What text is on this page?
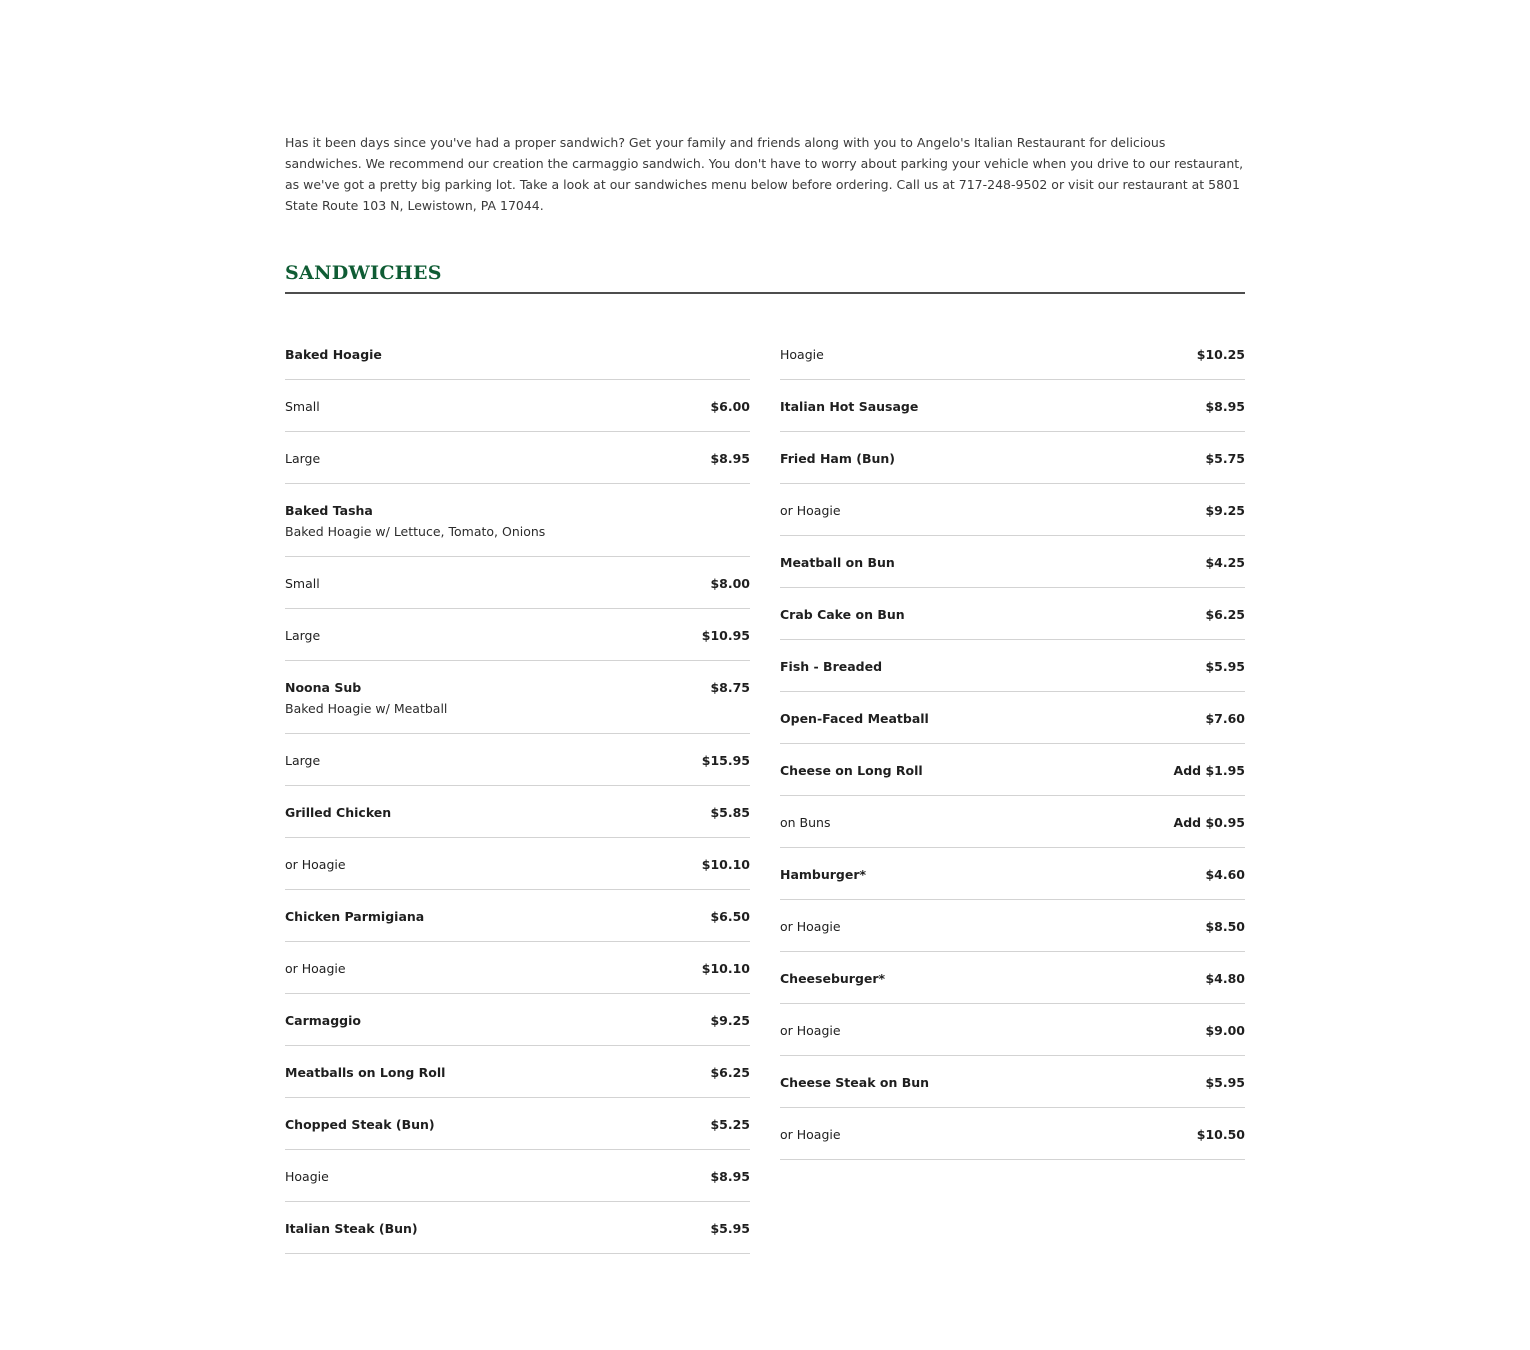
Has it been days since you've had a proper sandwich? Get your family and friends along with you to Angelo's Italian Restaurant for delicious sandwiches. We recommend our creation the carmaggio sandwich. You don't have to worry about parking your vehicle when you drive to our restaurant, as we've got a pretty big parking lot. Take a look at our sandwiches menu below before ordering. Call us at 717-248-9502 or visit our restaurant at 5801 State Route 103 N, Lewistown, PA 17044.

SANDWICHES
Baked Hoagie
Small	$6.00
Large	$8.95
Baked Tasha
Baked Hoagie w/ Lettuce, Tomato, Onions
Small	$8.00
Large	$10.95
Noona Sub	$8.75
Baked Hoagie w/ Meatball
Large	$15.95
Grilled Chicken	$5.85
or Hoagie	$10.10
Chicken Parmigiana	$6.50
or Hoagie	$10.10
Carmaggio	$9.25
Meatballs on Long Roll	$6.25
Chopped Steak (Bun)	$5.25
Hoagie	$8.95
Italian Steak (Bun)	$5.95
Hoagie	$10.25
Italian Hot Sausage	$8.95
Fried Ham (Bun)	$5.75
or Hoagie	$9.25
Meatball on Bun	$4.25
Crab Cake on Bun	$6.25
Fish - Breaded	$5.95
Open-Faced Meatball	$7.60
Cheese on Long Roll	Add $1.95
on Buns	Add $0.95
Hamburger*	$4.60
or Hoagie	$8.50
Cheeseburger*	$4.80
or Hoagie	$9.00
Cheese Steak on Bun	$5.95
or Hoagie	$10.50
